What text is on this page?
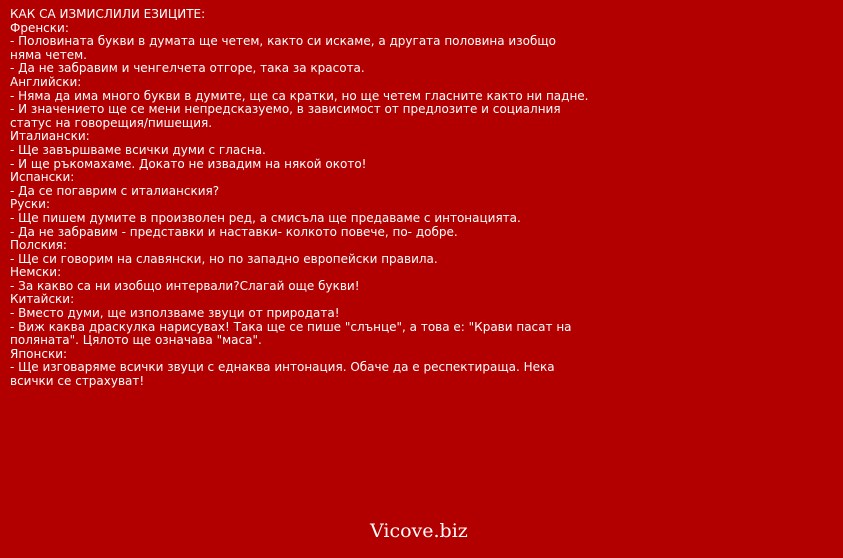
КАК СА ИЗМИСЛИЛИ ЕЗИЦИТЕ:
Френски:
- Половината букви в думата ще четем, както си искаме, а другата половина изобщо няма четем.
- Да не забравим и ченгелчета отгоре, така за красота.
Английски:
- Няма да има много букви в думите, ще са кратки, но ще четем гласните както ни падне.
- И значението ще се мени непредсказуемо, в зависимост от предлозите и социалния статус на говорещия/пишещия.
Италиански:
- Ще завършваме всички думи с гласна.
- И ще ръкомахаме. Докато не извадим на някой окото!
Испански:
- Да се погаврим с италианския?
Руски:
- Ще пишем думите в произволен ред, а смисъла ще предаваме с интонацията.
- Да не забравим - представки и наставки- колкото повече, по- добре.
Полския:
- Ще си говорим на славянски, но по западно европейски правила.
Немски:
- За какво са ни изобщо интервали?Слагай още букви!
Китайски:
- Вместо думи, ще използваме звуци от природата!
- Виж каква драскулка нарисувах! Така ще се пише "слънце", а това е: "Крави пасат на поляната". Цялото ще означава "маса".
Японски:
- Ще изговаряме всички звуци с еднаква интонация. Обаче да е респектираща. Нека всички се страхуват!
Vicove.biz
